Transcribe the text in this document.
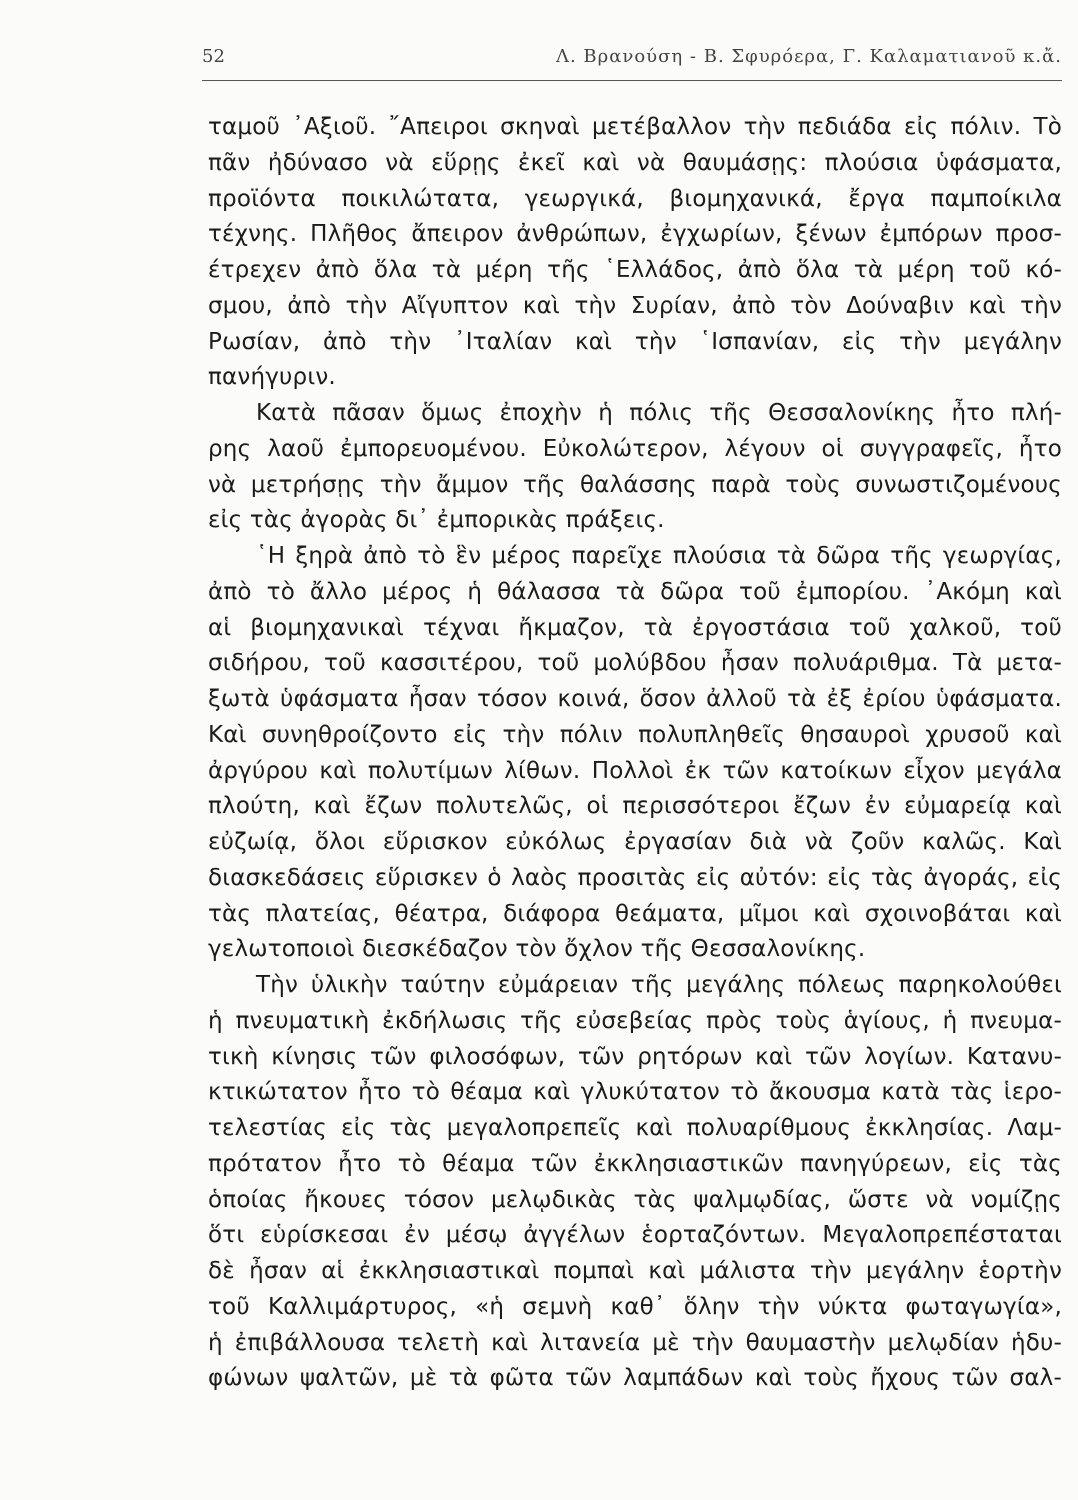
52	Λ. Βρανούση - Β. Σφυρόερα, Γ. Καλαματιανοῦ κ.ἄ.
ταμοῦ ᾿Αξιοῦ. ῎Απειροι σκηναὶ μετέβαλλον τὴν πεδιάδα εἰς πόλιν. Τὸ
πᾶν ἠδύνασο νὰ εὕρῃς ἐκεῖ καὶ νὰ θαυμάσῃς: πλούσια ὑφάσματα,
προϊόντα ποικιλώτατα, γεωργικά, βιομηχανικά, ἔργα παμποίκιλα
τέχνης. Πλῆθος ἄπειρον ἀνθρώπων, ἐγχωρίων, ξένων ἐμπόρων προσ-
έτρεχεν ἀπὸ ὅλα τὰ μέρη τῆς ῾Ελλάδος, ἀπὸ ὅλα τὰ μέρη τοῦ κό-
σμου, ἀπὸ τὴν Αἴγυπτον καὶ τὴν Συρίαν, ἀπὸ τὸν Δούναβιν καὶ τὴν
Ρωσίαν, ἀπὸ τὴν ᾿Ιταλίαν καὶ τὴν ῾Ισπανίαν, εἰς τὴν μεγάλην
πανήγυριν.
Κατὰ πᾶσαν ὅμως ἐποχὴν ἡ πόλις τῆς Θεσσαλονίκης ἦτο πλή-
ρης λαοῦ ἐμπορευομένου. Εὐκολώτερον, λέγουν οἱ συγγραφεῖς, ἦτο
νὰ μετρήσῃς τὴν ἄμμον τῆς θαλάσσης παρὰ τοὺς συνωστιζομένους
εἰς τὰς ἀγορὰς δι᾿ ἐμπορικὰς πράξεις.
῾Η ξηρὰ ἀπὸ τὸ ἓν μέρος παρεῖχε πλούσια τὰ δῶρα τῆς γεωργίας,
ἀπὸ τὸ ἄλλο μέρος ἡ θάλασσα τὰ δῶρα τοῦ ἐμπορίου. ᾿Ακόμη καὶ
αἱ βιομηχανικαὶ τέχναι ἤκμαζον, τὰ ἐργοστάσια τοῦ χαλκοῦ, τοῦ
σιδήρου, τοῦ κασσιτέρου, τοῦ μολύβδου ἦσαν πολυάριθμα. Τὰ μετα-
ξωτὰ ὑφάσματα ἦσαν τόσον κοινά, ὅσον ἀλλοῦ τὰ ἐξ ἐρίου ὑφάσματα.
Καὶ συνηθροίζοντο εἰς τὴν πόλιν πολυπληθεῖς θησαυροὶ χρυσοῦ καὶ
ἀργύρου καὶ πολυτίμων λίθων. Πολλοὶ ἐκ τῶν κατοίκων εἶχον μεγάλα
πλούτη, καὶ ἔζων πολυτελῶς, οἱ περισσότεροι ἔζων ἐν εὐμαρείᾳ καὶ
εὐζωίᾳ, ὅλοι εὕρισκον εὐκόλως ἐργασίαν διὰ νὰ ζοῦν καλῶς. Καὶ
διασκεδάσεις εὕρισκεν ὁ λαὸς προσιτὰς εἰς αὐτόν: εἰς τὰς ἀγοράς, εἰς
τὰς πλατείας, θέατρα, διάφορα θεάματα, μῖμοι καὶ σχοινοβάται καὶ
γελωτοποιοὶ διεσκέδαζον τὸν ὄχλον τῆς Θεσσαλονίκης.
Τὴν ὑλικὴν ταύτην εὐμάρειαν τῆς μεγάλης πόλεως παρηκολούθει
ἡ πνευματικὴ ἐκδήλωσις τῆς εὐσεβείας πρὸς τοὺς ἁγίους, ἡ πνευμα-
τικὴ κίνησις τῶν φιλοσόφων, τῶν ρητόρων καὶ τῶν λογίων. Κατανυ-
κτικώτατον ἦτο τὸ θέαμα καὶ γλυκύτατον τὸ ἄκουσμα κατὰ τὰς ἱερο-
τελεστίας εἰς τὰς μεγαλοπρεπεῖς καὶ πολυαρίθμους ἐκκλησίας. Λαμ-
πρότατον ἦτο τὸ θέαμα τῶν ἐκκλησιαστικῶν πανηγύρεων, εἰς τὰς
ὁποίας ἤκουες τόσον μελῳδικὰς τὰς ψαλμῳδίας, ὥστε νὰ νομίζῃς
ὅτι εὑρίσκεσαι ἐν μέσῳ ἀγγέλων ἑορταζόντων. Μεγαλοπρεπέσταται
δὲ ἦσαν αἱ ἐκκλησιαστικαὶ πομπαὶ καὶ μάλιστα τὴν μεγάλην ἑορτὴν
τοῦ Καλλιμάρτυρος, «ἡ σεμνὴ καθ᾿ ὅλην τὴν νύκτα φωταγωγία»,
ἡ ἐπιβάλλουσα τελετὴ καὶ λιτανεία μὲ τὴν θαυμαστὴν μελῳδίαν ἡδυ-
φώνων ψαλτῶν, μὲ τὰ φῶτα τῶν λαμπάδων καὶ τοὺς ἤχους τῶν σαλ-
